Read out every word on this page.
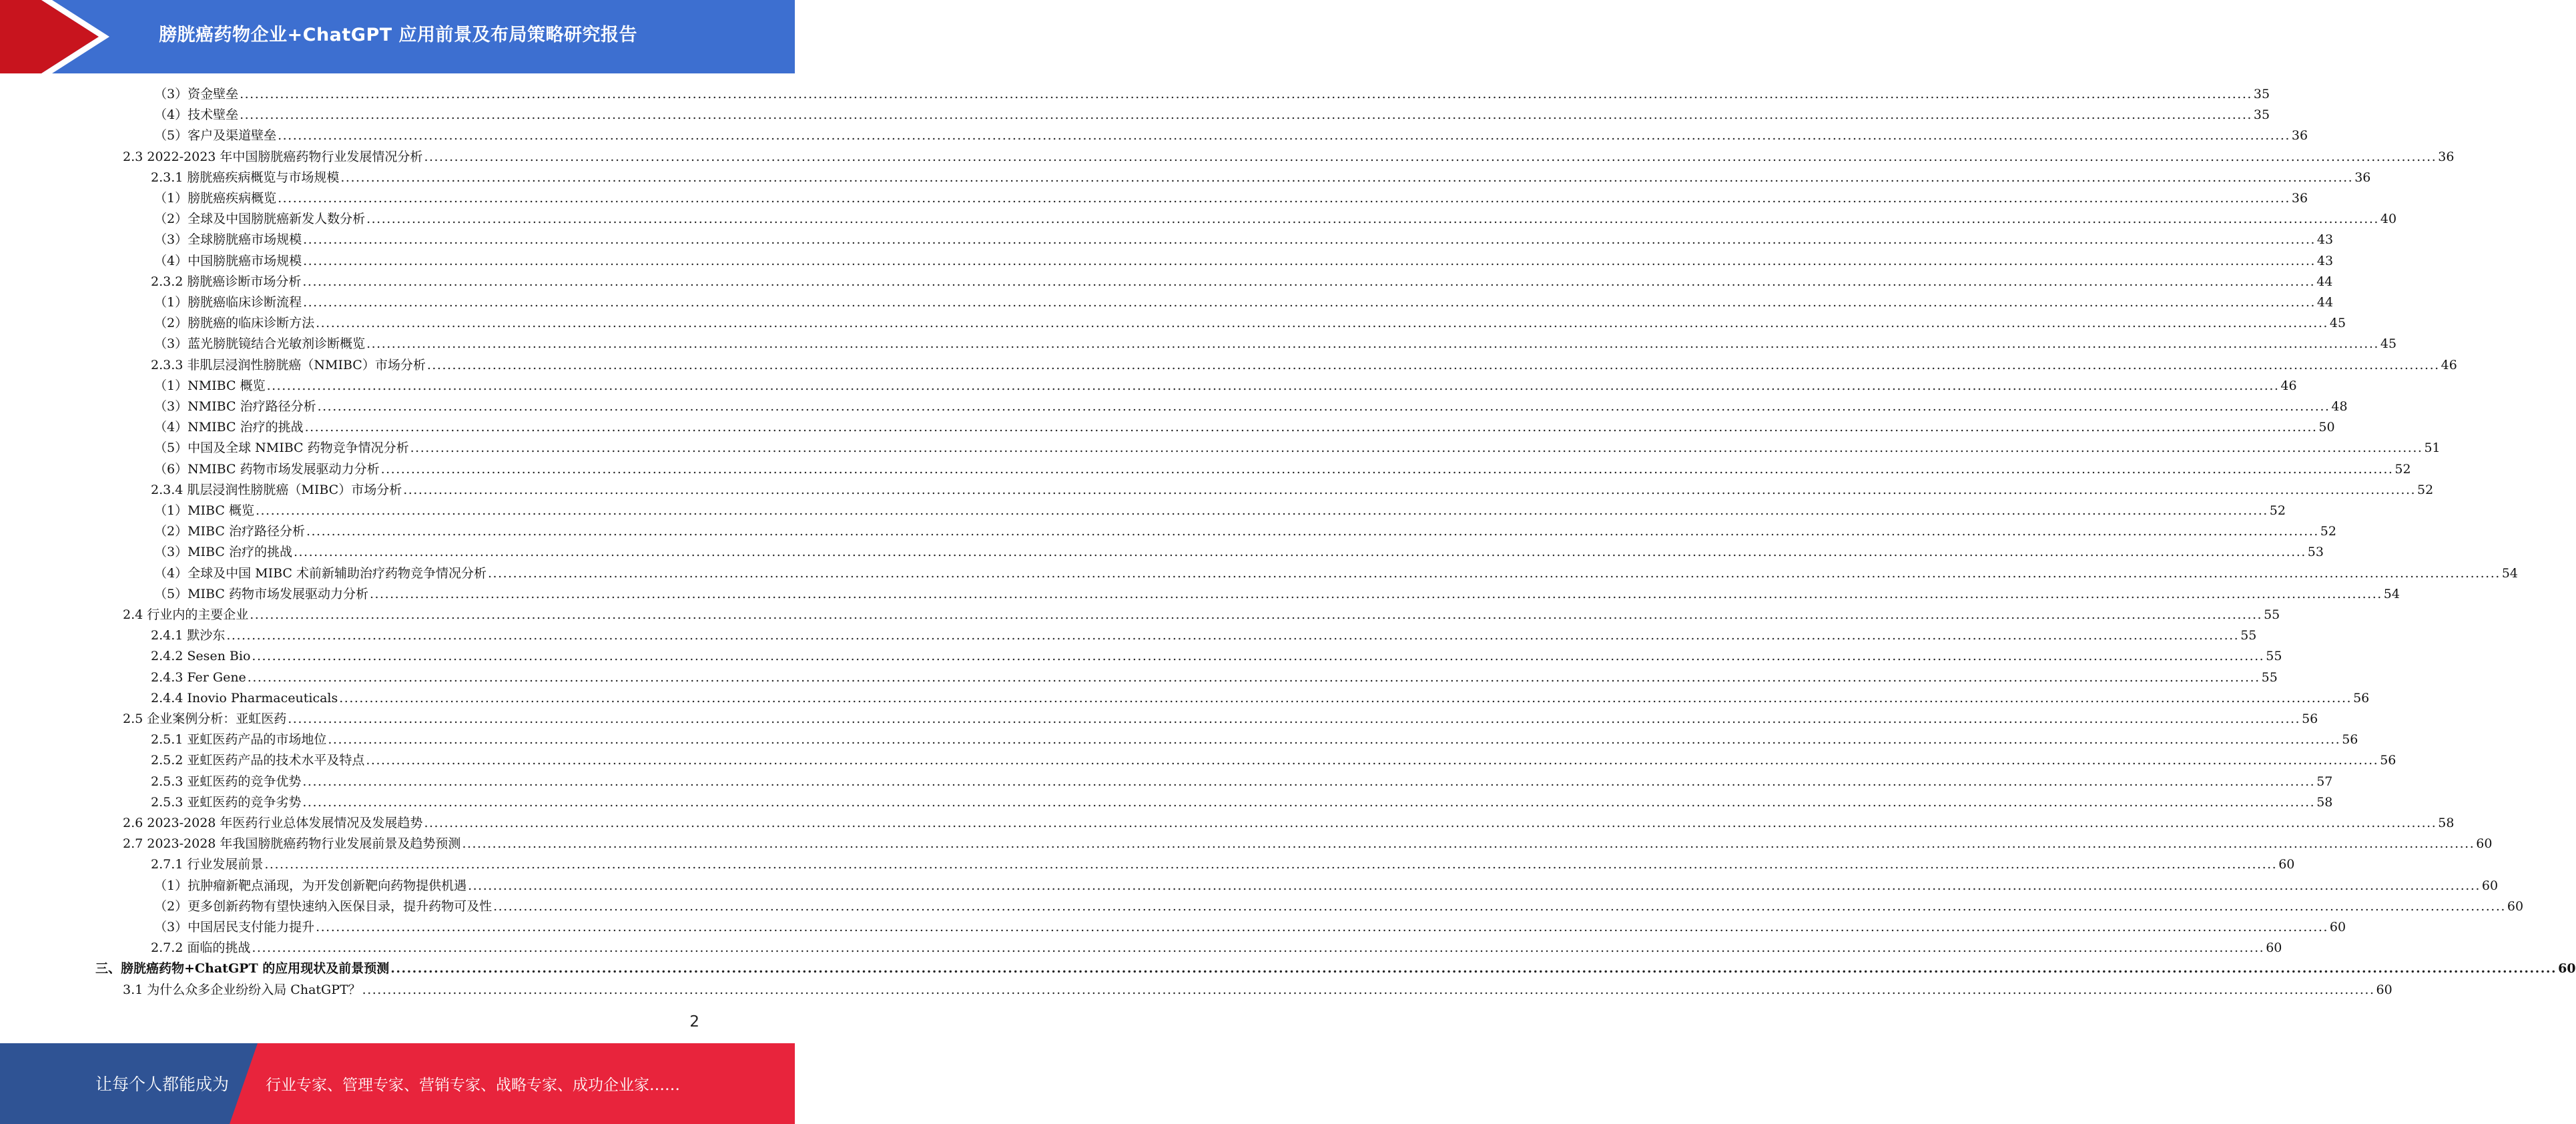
膀胱癌药物企业+ChatGPT 应用前景及布局策略研究报告
（3）资金壁垒 ................................................................................................................................................................................................................................................................................................................................................................................................................ 35
（4）技术壁垒 ................................................................................................................................................................................................................................................................................................................................................................................................................ 35
（5）客户及渠道壁垒 ................................................................................................................................................................................................................................................................................................................................................................................................................ 36
2.3 2022-2023 年中国膀胱癌药物行业发展情况分析 ................................................................................................................................................................................................................................................................................................................................................................................................................ 36
2.3.1 膀胱癌疾病概览与市场规模 ................................................................................................................................................................................................................................................................................................................................................................................................................ 36
（1）膀胱癌疾病概览 ................................................................................................................................................................................................................................................................................................................................................................................................................ 36
（2）全球及中国膀胱癌新发人数分析 ................................................................................................................................................................................................................................................................................................................................................................................................................ 40
（3）全球膀胱癌市场规模 ................................................................................................................................................................................................................................................................................................................................................................................................................ 43
（4）中国膀胱癌市场规模 ................................................................................................................................................................................................................................................................................................................................................................................................................ 43
2.3.2 膀胱癌诊断市场分析 ................................................................................................................................................................................................................................................................................................................................................................................................................ 44
（1）膀胱癌临床诊断流程 ................................................................................................................................................................................................................................................................................................................................................................................................................ 44
（2）膀胱癌的临床诊断方法 ................................................................................................................................................................................................................................................................................................................................................................................................................ 45
（3）蓝光膀胱镜结合光敏剂诊断概览 ................................................................................................................................................................................................................................................................................................................................................................................................................ 45
2.3.3 非肌层浸润性膀胱癌（NMIBC）市场分析 ................................................................................................................................................................................................................................................................................................................................................................................................................ 46
（1）NMIBC 概览 ................................................................................................................................................................................................................................................................................................................................................................................................................ 46
（3）NMIBC 治疗路径分析 ................................................................................................................................................................................................................................................................................................................................................................................................................ 48
（4）NMIBC 治疗的挑战 ................................................................................................................................................................................................................................................................................................................................................................................................................ 50
（5）中国及全球 NMIBC 药物竞争情况分析 ................................................................................................................................................................................................................................................................................................................................................................................................................ 51
（6）NMIBC 药物市场发展驱动力分析 ................................................................................................................................................................................................................................................................................................................................................................................................................ 52
2.3.4 肌层浸润性膀胱癌（MIBC）市场分析 ................................................................................................................................................................................................................................................................................................................................................................................................................ 52
（1）MIBC 概览 ................................................................................................................................................................................................................................................................................................................................................................................................................ 52
（2）MIBC 治疗路径分析 ................................................................................................................................................................................................................................................................................................................................................................................................................ 52
（3）MIBC 治疗的挑战 ................................................................................................................................................................................................................................................................................................................................................................................................................ 53
（4）全球及中国 MIBC 术前新辅助治疗药物竞争情况分析 ................................................................................................................................................................................................................................................................................................................................................................................................................ 54
（5）MIBC 药物市场发展驱动力分析 ................................................................................................................................................................................................................................................................................................................................................................................................................ 54
2.4 行业内的主要企业 ................................................................................................................................................................................................................................................................................................................................................................................................................ 55
2.4.1 默沙东 ................................................................................................................................................................................................................................................................................................................................................................................................................ 55
2.4.2 Sesen Bio ................................................................................................................................................................................................................................................................................................................................................................................................................ 55
2.4.3 Fer Gene ................................................................................................................................................................................................................................................................................................................................................................................................................ 55
2.4.4 Inovio Pharmaceuticals ................................................................................................................................................................................................................................................................................................................................................................................................................ 56
2.5 企业案例分析：亚虹医药 ................................................................................................................................................................................................................................................................................................................................................................................................................ 56
2.5.1 亚虹医药产品的市场地位 ................................................................................................................................................................................................................................................................................................................................................................................................................ 56
2.5.2 亚虹医药产品的技术水平及特点 ................................................................................................................................................................................................................................................................................................................................................................................................................ 56
2.5.3 亚虹医药的竞争优势 ................................................................................................................................................................................................................................................................................................................................................................................................................ 57
2.5.3 亚虹医药的竞争劣势 ................................................................................................................................................................................................................................................................................................................................................................................................................ 58
2.6 2023-2028 年医药行业总体发展情况及发展趋势 ................................................................................................................................................................................................................................................................................................................................................................................................................ 58
2.7 2023-2028 年我国膀胱癌药物行业发展前景及趋势预测 ................................................................................................................................................................................................................................................................................................................................................................................................................ 60
2.7.1 行业发展前景 ................................................................................................................................................................................................................................................................................................................................................................................................................ 60
（1）抗肿瘤新靶点涌现，为开发创新靶向药物提供机遇 ................................................................................................................................................................................................................................................................................................................................................................................................................ 60
（2）更多创新药物有望快速纳入医保目录，提升药物可及性 ................................................................................................................................................................................................................................................................................................................................................................................................................ 60
（3）中国居民支付能力提升 ................................................................................................................................................................................................................................................................................................................................................................................................................ 60
2.7.2 面临的挑战 ................................................................................................................................................................................................................................................................................................................................................................................................................ 60
三、膀胱癌药物+ChatGPT 的应用现状及前景预测 ................................................................................................................................................................................................................................................................................................................................................................................................................ 60
3.1 为什么众多企业纷纷入局 ChatGPT？ ................................................................................................................................................................................................................................................................................................................................................................................................................ 60
2
让每个人都能成为 行业专家、管理专家、营销专家、战略专家、成功企业家……
